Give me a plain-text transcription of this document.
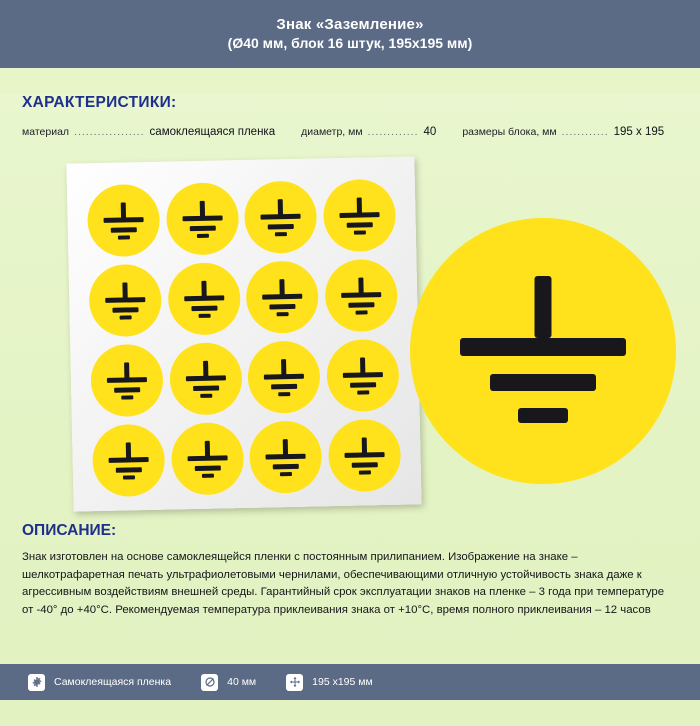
Знак «Заземление»
(Ø40 мм, блок 16 штук, 195x195 мм)
ХАРАКТЕРИСТИКИ:
материал .................. самоклеящаяся пленка диаметр, мм ............. 40 размеры блока, мм ............ 195 х 195
ОПИСАНИЕ:
Знак изготовлен на основе самоклеящейся пленки с постоянным прилипанием. Изображение на знаке – шелкотрафаретная печать ультрафиолетовыми чернилами, обеспечивающими отличную устойчивость знака даже к агрессивным воздействиям внешней среды. Гарантийный срок эксплуатации знаков на пленке – 3 года при температуре от -40° до +40°С. Рекомендуемая температура приклеивания знака от +10°С, время полного приклеивания – 12 часов
Самоклеящаяся пленка	40 мм	195 х195 мм
